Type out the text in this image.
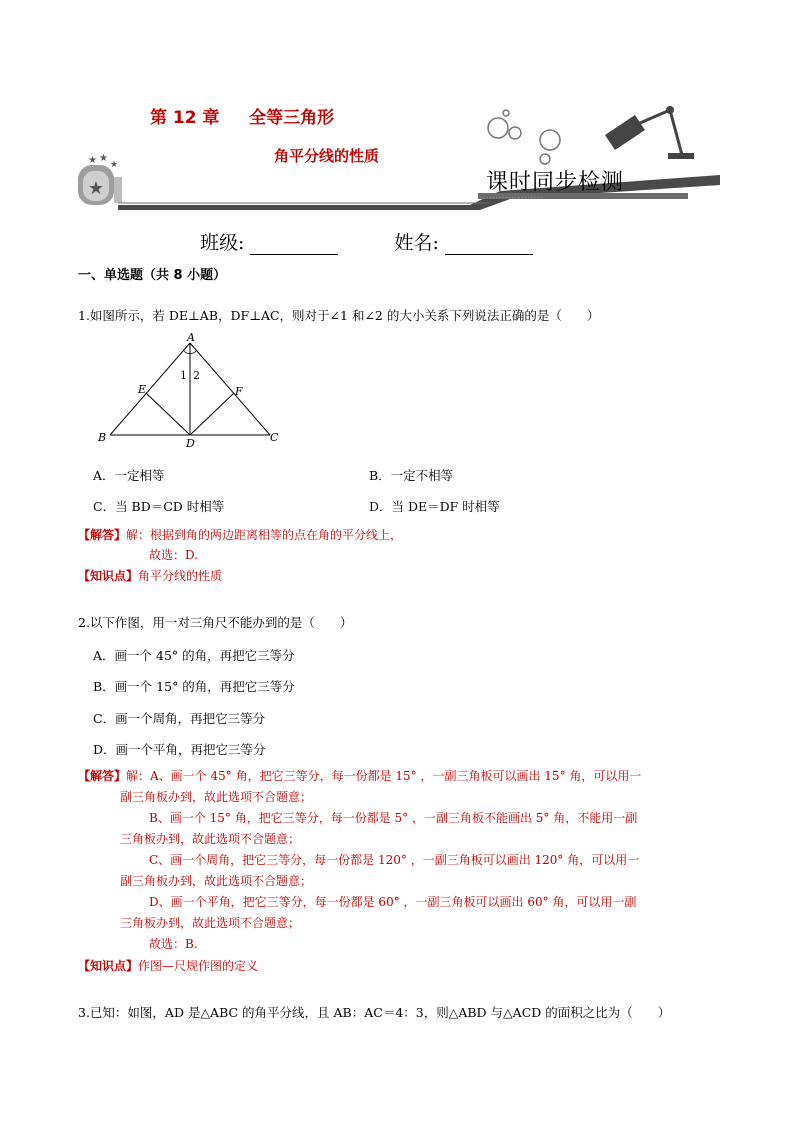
★
★ ★
★
· · · · · · · · · · · · · · · · · · · ·
第 12 章     全等三角形
角平分线的性质
课时同步检测
班级:	姓名:
一、单选题（共 8 小题）
1.如图所示，若 DE⊥AB，DF⊥AC，则对于∠1 和∠2 的大小关系下列说法正确的是（　　）
A
1 2
E	F
B	D	C
A．一定相等	B．一定不相等
C．当 BD＝CD 时相等	D．当 DE＝DF 时相等
【解答】解：根据到角的两边距离相等的点在角的平分线上，
故选：D.
【知识点】角平分线的性质
2.以下作图，用一对三角尺不能办到的是（　　）
A．画一个 45° 的角，再把它三等分
B．画一个 15° 的角，再把它三等分
C．画一个周角，再把它三等分
D．画一个平角，再把它三等分
【解答】解：A、画一个 45° 角，把它三等分，每一份都是 15° ，一副三角板可以画出 15° 角，可以用一
副三角板办到，故此选项不合题意；
B、画一个 15° 角，把它三等分，每一份都是 5° ，一副三角板不能画出 5° 角，不能用一副
三角板办到，故此选项不合题意；
C、画一个周角，把它三等分，每一份都是 120° ，一副三角板可以画出 120° 角，可以用一
副三角板办到，故此选项不合题意；
D、画一个平角，把它三等分，每一份都是 60° ，一副三角板可以画出 60° 角，可以用一副
三角板办到，故此选项不合题意；
故选：B.
【知识点】作图—尺规作图的定义
3.已知：如图，AD 是△ABC 的角平分线，且 AB：AC＝4：3，则△ABD 与△ACD 的面积之比为（　　）
